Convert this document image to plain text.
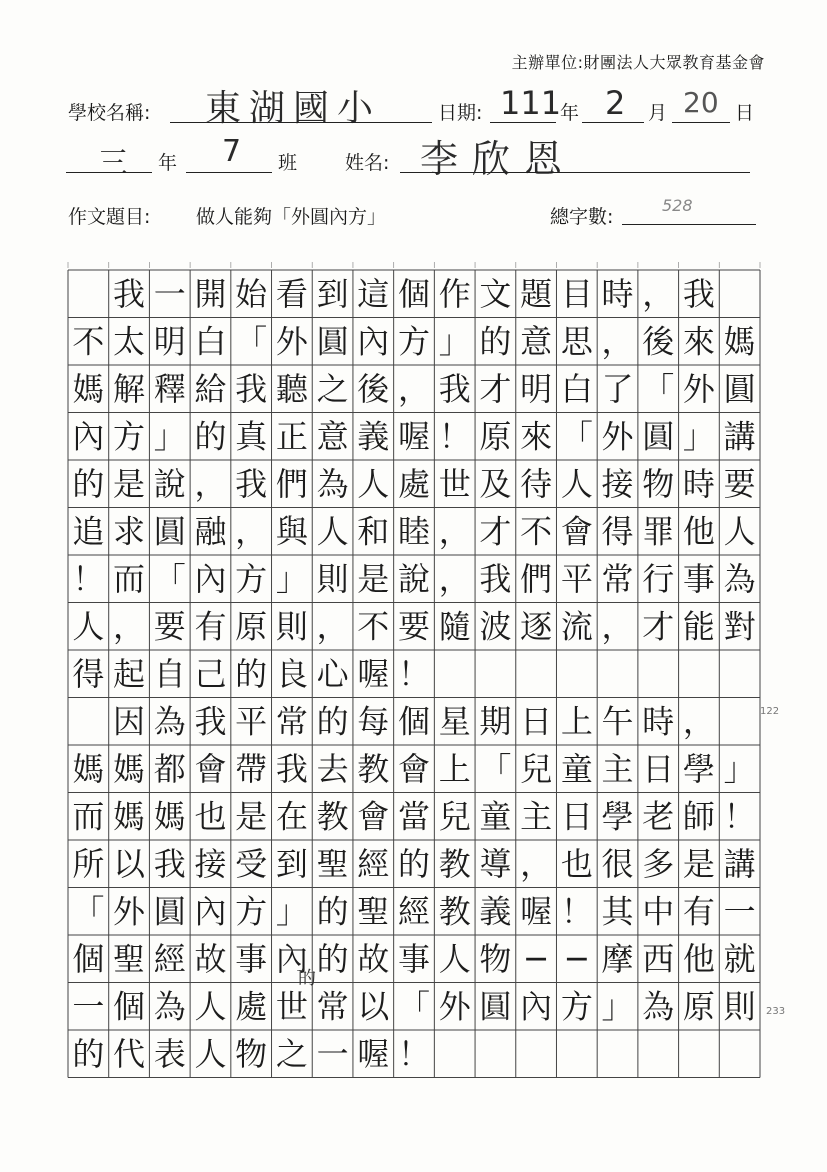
主辦單位:財團法人大眾教育基金會
學校名稱: 東湖國小	日期: 111
年 2 月 20 日
三 年 7 班	姓名: 李欣恩
作文題目: 做人能夠「外圓內方」	總字數:
528
我 一 開 始 看 到 這 個 作 文 題 目 時 ， 我
不 太 明 白 「 外 圓 內 方 」 的 意 思 ， 後 來 媽
媽 解 釋 給 我 聽 之 後 ， 我 才 明 白 了 「 外 圓
內 方 」 的 真 正 意 義 喔 ！ 原 來 「 外 圓 」 講
的 是 說 ， 我 們 為 人 處 世 及 待 人 接 物 時 要
追 求 圓 融 ， 與 人 和 睦 ， 才 不 會 得 罪 他 人
！ 而 「 內 方 」 則 是 說 ， 我 們 平 常 行 事 為
人 ， 要 有 原 則 ， 不 要 隨 波 逐 流 ， 才 能 對
得 起 自 己 的 良 心 喔 ！
因 為 我 平 常 的 每 個 星 期 日 上 午 時 ，
媽 媽 都 會 帶 我 去 教 會 上 「 兒 童 主 日 學 」
而 媽 媽 也 是 在 教 會 當 兒 童 主 日 學 老 師 ！
所 以 我 接 受 到 聖 經 的 教 導 ， 也 很 多 是 講
「 外 圓 內 方 」 的 聖 經 教 義 喔 ！ 其 中 有 一
個 聖 經 故 事 內 的 故 事 人 物 ─ ─ 摩 西 他 就
一 個 為 人 處 世 常 以 「 外 圓 內 方 」 為 原 則
的 代 表 人 物 之 一 喔 ！
122
233
的
